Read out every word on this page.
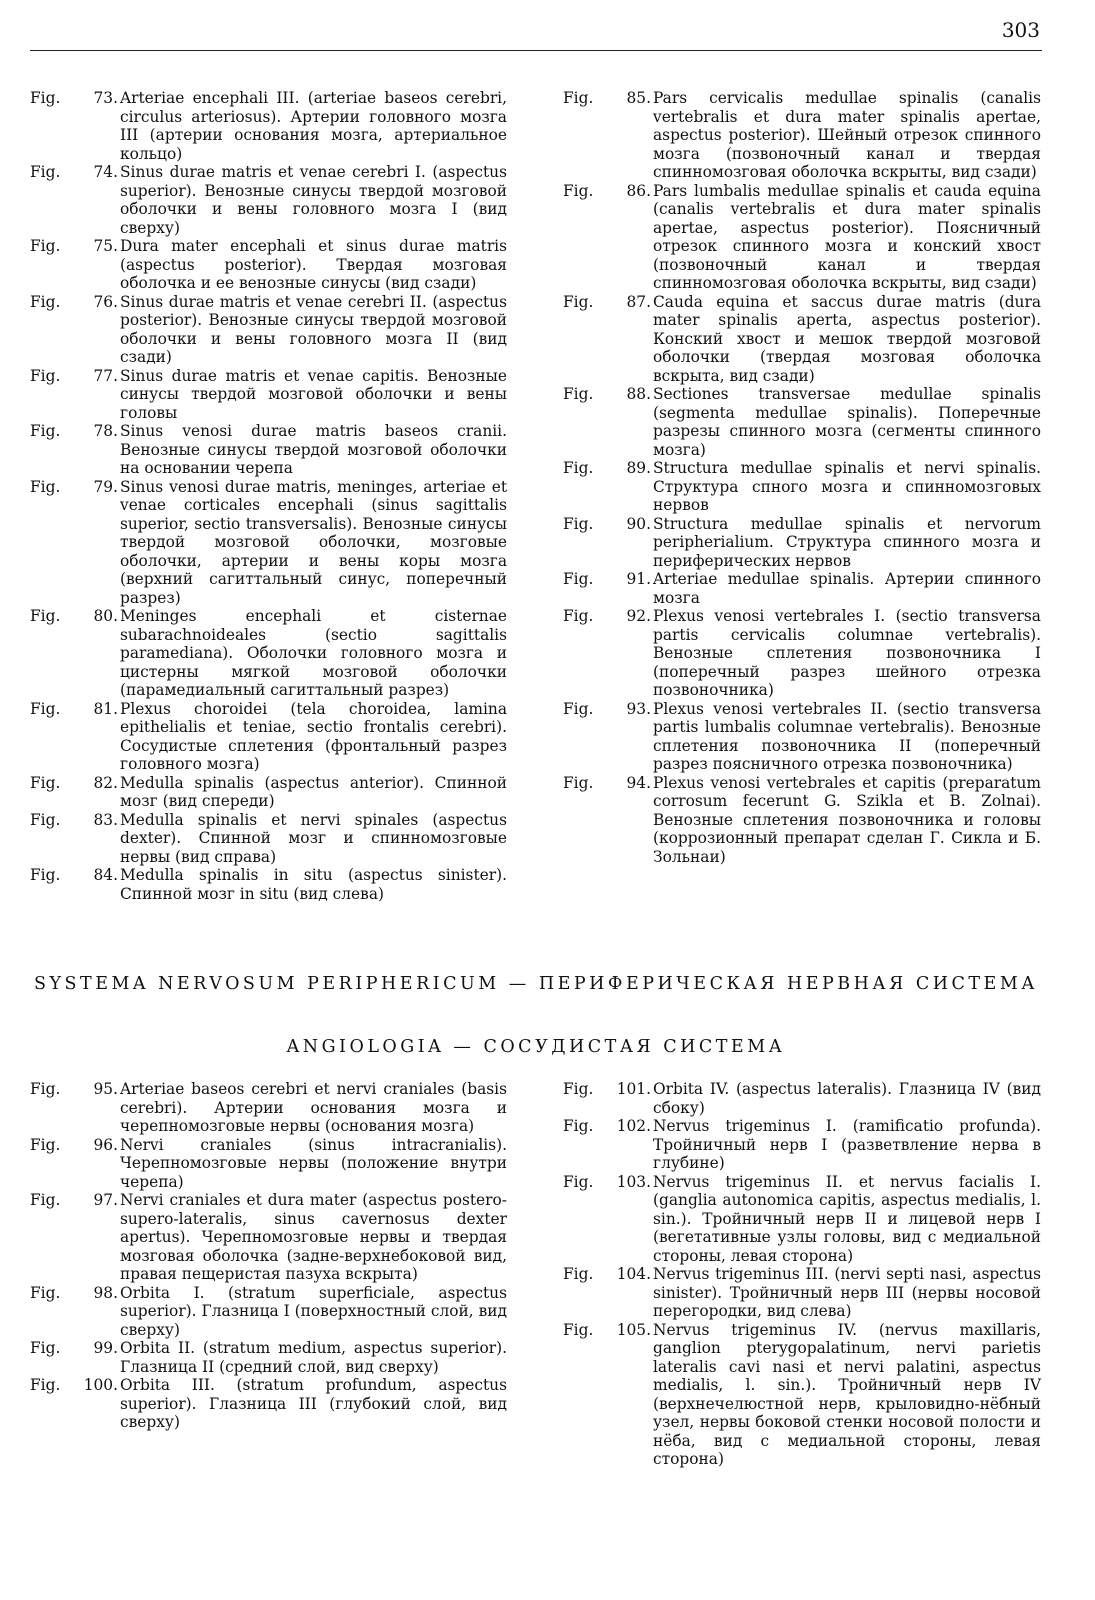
303
Fig. 73. Arteriae encephali III. (arteriae baseos cerebri, circulus arteriosus). Артерии головного мозга III (артерии основания мозга, артериальное кольцо)
Fig. 74. Sinus durae matris et venae cerebri I. (aspectus superior). Венозные синусы твердой мозговой оболочки и вены головного мозга I (вид сверху)
Fig. 75. Dura mater encephali et sinus durae matris (aspectus posterior). Твердая мозговая оболочка и ее венозные синусы (вид сзади)
Fig. 76. Sinus durae matris et venae cerebri II. (aspectus posterior). Венозные синусы твердой мозговой оболочки и вены головного мозга II (вид сзади)
Fig. 77. Sinus durae matris et venae capitis. Венозные синусы твердой мозговой оболочки и вены головы
Fig. 78. Sinus venosi durae matris baseos cranii. Венозные синусы твердой мозговой оболочки на основании черепа
Fig. 79. Sinus venosi durae matris, meninges, arteriae et venae corticales encephali (sinus sagittalis superior, sectio transversalis). Венозные синусы твердой мозговой оболочки, мозговые оболочки, артерии и вены коры мозга (верхний сагиттальный синус, поперечный разрез)
Fig. 80. Meninges encephali et cisternae subarachnoideales (sectio sagittalis paramediana). Оболочки головного мозга и цистерны мягкой мозговой оболочки (парамедиальный сагиттальный разрез)
Fig. 81. Plexus choroidei (tela choroidea, lamina epithelialis et teniae, sectio frontalis cerebri). Сосудистые сплетения (фронтальный разрез головного мозга)
Fig. 82. Medulla spinalis (aspectus anterior). Спинной мозг (вид спереди)
Fig. 83. Medulla spinalis et nervi spinales (aspectus dexter). Спинной мозг и спинномозговые нервы (вид справа)
Fig. 84. Medulla spinalis in situ (aspectus sinister). Спинной мозг in situ (вид слева)
Fig. 85. Pars cervicalis medullae spinalis (canalis vertebralis et dura mater spinalis apertae, aspectus posterior). Шейный отрезок спинного мозга (позвоночный канал и твердая спинномозговая оболочка вскрыты, вид сзади)
Fig. 86. Pars lumbalis medullae spinalis et cauda equina (canalis vertebralis et dura mater spinalis apertae, aspectus posterior). Поясничный отрезок спинного мозга и конский хвост (позвоночный канал и твердая спинномозговая оболочка вскрыты, вид сзади)
Fig. 87. Cauda equina et saccus durae matris (dura mater spinalis aperta, aspectus posterior). Конский хвост и мешок твердой мозговой оболочки (твердая мозговая оболочка вскрыта, вид сзади)
Fig. 88. Sectiones transversae medullae spinalis (segmenta medullae spinalis). Поперечные разрезы спинного мозга (сегменты спинного мозга)
Fig. 89. Structura medullae spinalis et nervi spinalis. Структура спного мозга и спинномозговых нервов
Fig. 90. Structura medullae spinalis et nervorum peripherialium. Структура спинного мозга и периферических нервов
Fig. 91. Arteriae medullae spinalis. Артерии спинного мозга
Fig. 92. Plexus venosi vertebrales I. (sectio transversa partis cervicalis columnae vertebralis). Венозные сплетения позвоночника I (поперечный разрез шейного отрезка позвоночника)
Fig. 93. Plexus venosi vertebrales II. (sectio transversa partis lumbalis columnae vertebralis). Венозные сплетения позвоночника II (поперечный разрез поясничного отрезка позвоночника)
Fig. 94. Plexus venosi vertebrales et capitis (preparatum corrosum fecerunt G. Szikla et B. Zolnai). Венозные сплетения позвоночника и головы (коррозионный препарат сделан Г. Сикла и Б. Зольнаи)
SYSTEMA NERVOSUM PERIPHERICUM — ПЕРИФЕРИЧЕСКАЯ НЕРВНАЯ СИСТЕМА
ANGIOLOGIA — СОСУДИСТАЯ СИСТЕМА
Fig. 95. Arteriae baseos cerebri et nervi craniales (basis cerebri). Артерии основания мозга и черепномозговые нервы (основания мозга)
Fig. 96. Nervi craniales (sinus intracranialis). Черепномозговые нервы (положение внутри черепа)
Fig. 97. Nervi craniales et dura mater (aspectus postero-supero-lateralis, sinus cavernosus dexter apertus). Черепномозговые нервы и твердая мозговая оболочка (задне-верхнебоковой вид, правая пещеристая пазуха вскрыта)
Fig. 98. Orbita I. (stratum superficiale, aspectus superior). Глазница I (поверхностный слой, вид сверху)
Fig. 99. Orbita II. (stratum medium, aspectus superior). Глазница II (средний слой, вид сверху)
Fig. 100. Orbita III. (stratum profundum, aspectus superior). Глазница III (глубокий слой, вид сверху)
Fig. 101. Orbita IV. (aspectus lateralis). Глазница IV (вид сбоку)
Fig. 102. Nervus trigeminus I. (ramificatio profunda). Тройничный нерв I (разветвление нерва в глубине)
Fig. 103. Nervus trigeminus II. et nervus facialis I. (ganglia autonomica capitis, aspectus medialis, l. sin.). Тройничный нерв II и лицевой нерв I (вегетативные узлы головы, вид с медиальной стороны, левая сторона)
Fig. 104. Nervus trigeminus III. (nervi septi nasi, aspectus sinister). Тройничный нерв III (нервы носовой перегородки, вид слева)
Fig. 105. Nervus trigeminus IV. (nervus maxillaris, ganglion pterygopalatinum, nervi parietis lateralis cavi nasi et nervi palatini, aspectus medialis, l. sin.). Тройничный нерв IV (верхнечелюстной нерв, крыловидно-нёбный узел, нервы боковой стенки носовой полости и нёба, вид с медиальной стороны, левая сторона)
